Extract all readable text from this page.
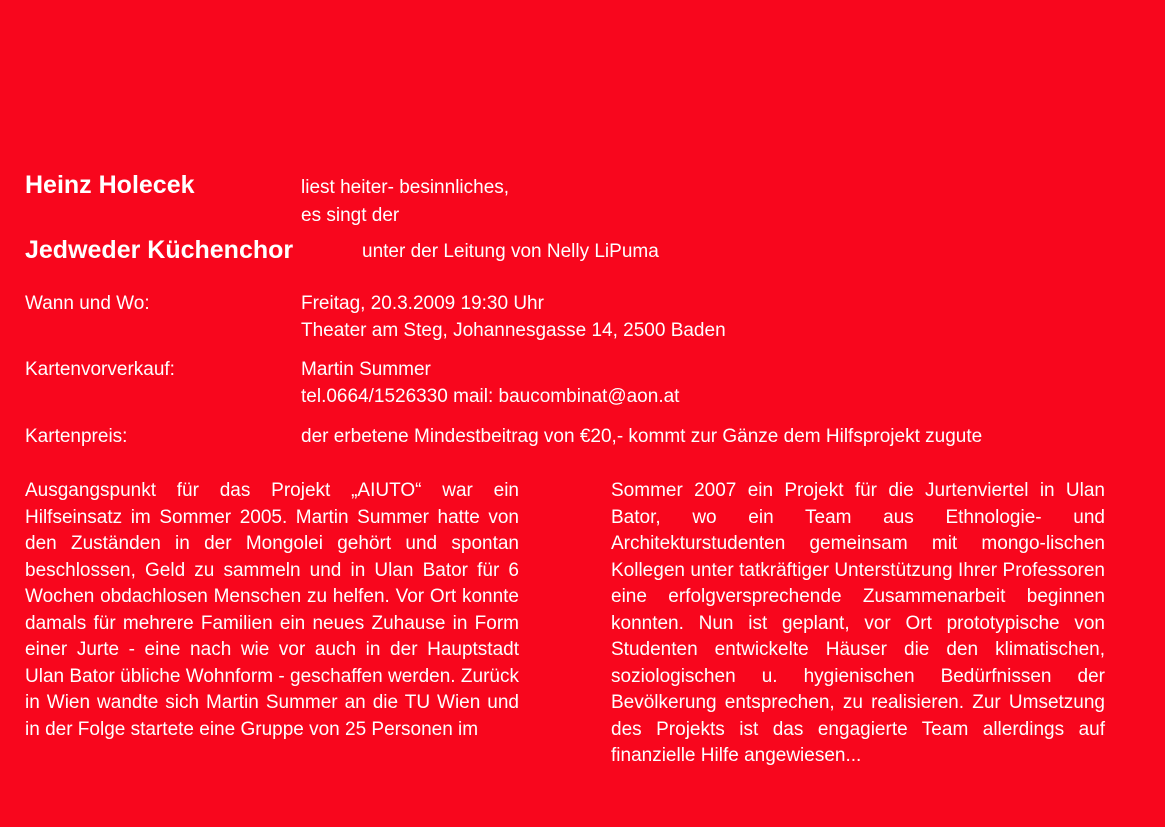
Heinz Holecek	liest heiter- besinnliches,
es singt der
Jedweder Küchenchor	unter der Leitung von Nelly LiPuma
Wann und Wo:	Freitag, 20.3.2009 19:30 Uhr
Theater am Steg, Johannesgasse 14, 2500 Baden
Kartenvorverkauf:	Martin Summer
tel.0664/1526330 mail: baucombinat@aon.at
Kartenpreis:	der erbetene Mindestbeitrag von €20,- kommt zur Gänze dem Hilfsprojekt zugute

Ausgangspunkt für das Projekt „AIUTO“ war ein Hilfseinsatz im Sommer 2005. Martin Summer hatte von den Zuständen in der Mongolei gehört und spontan beschlossen, Geld zu sammeln und in Ulan Bator für 6 Wochen obdachlosen Menschen zu helfen. Vor Ort konnte damals für mehrere Familien ein neues Zuhause in Form einer Jurte - eine nach wie vor auch in der Hauptstadt Ulan Bator übliche Wohnform - geschaffen werden. Zurück in Wien wandte sich Martin Summer an die TU Wien und in der Folge startete eine Gruppe von 25 Personen im

Sommer 2007 ein Projekt für die Jurtenviertel in Ulan Bator, wo ein Team aus Ethnologie- und Architekturstudenten gemeinsam mit mongo-lischen Kollegen unter tatkräftiger Unterstützung Ihrer Professoren eine erfolgversprechende Zusammenarbeit beginnen konnten. Nun ist geplant, vor Ort prototypische von Studenten entwickelte Häuser die den klimatischen, soziologischen u. hygienischen Bedürfnissen der Bevölkerung entsprechen, zu realisieren. Zur Umsetzung des Projekts ist das engagierte Team allerdings auf finanzielle Hilfe angewiesen...
